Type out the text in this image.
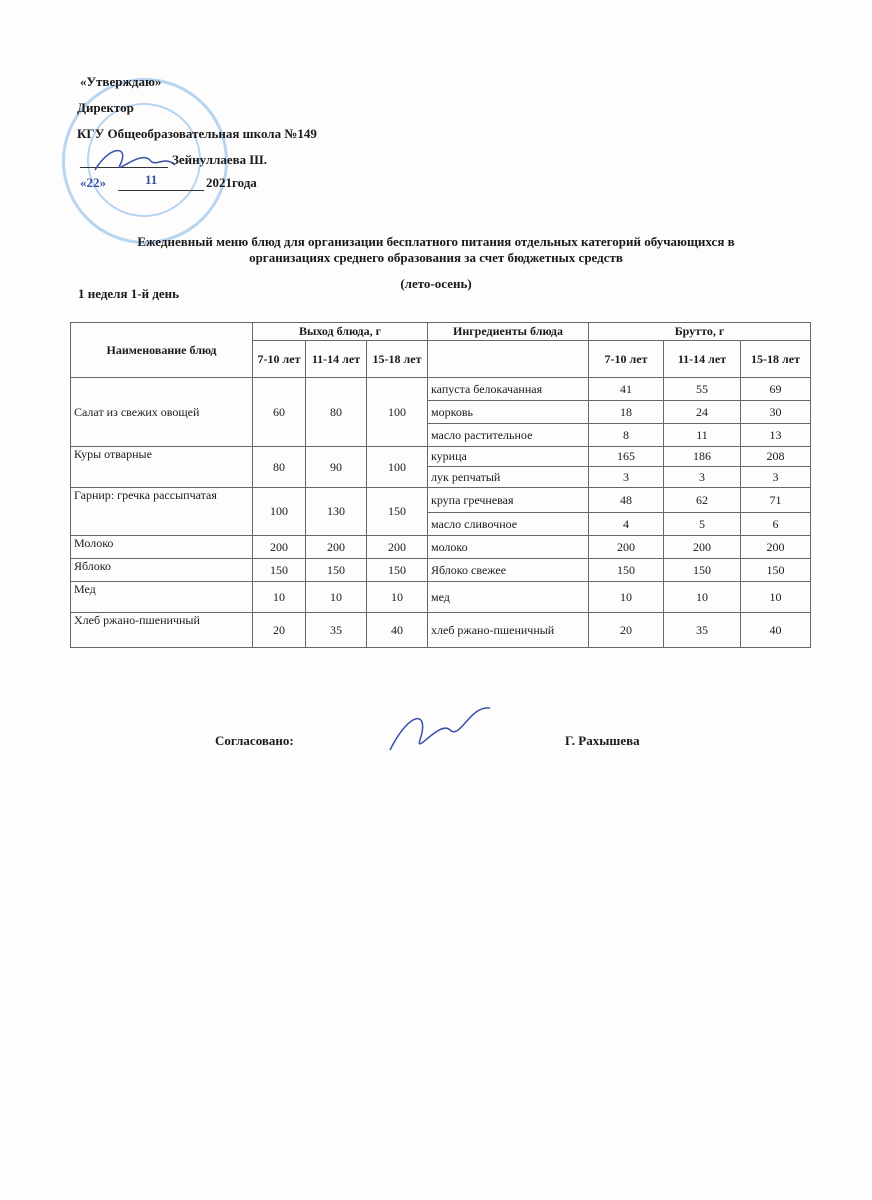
«Утверждаю»
Директор
КГУ Общеобразовательная школа №149
Зейнуллаева Ш.
«22»	11	2021года
Ежедневный меню блюд для организации бесплатного питания отдельных категорий обучающихся в
организациях среднего образования за счет бюджетных средств
(лето-осень)
1 неделя 1-й день
Наименование блюд	Выход блюда, г			Ингредиенты блюда	Брутто, г		
	7-10 лет	11-14 лет	15-18 лет		7-10 лет	11-14 лет	15-18 лет
Салат из свежих овощей	60	80	100	капуста белокачанная	41	55	69
				морковь	18	24	30
				масло растительное	8	11	13
Куры отварные	80	90	100	курица	165	186	208
				лук репчатый	3	3	3
Гарнир: гречка рассыпчатая	100	130	150	крупа гречневая	48	62	71
				масло сливочное	4	5	6
Молоко	200	200	200	молоко	200	200	200
Яблоко	150	150	150	Яблоко свежее	150	150	150
Мед	10	10	10	мед	10	10	10
Хлеб ржано-пшеничный	20	35	40	хлеб ржано-пшеничный	20	35	40
Согласовано:	Г. Рахышева
